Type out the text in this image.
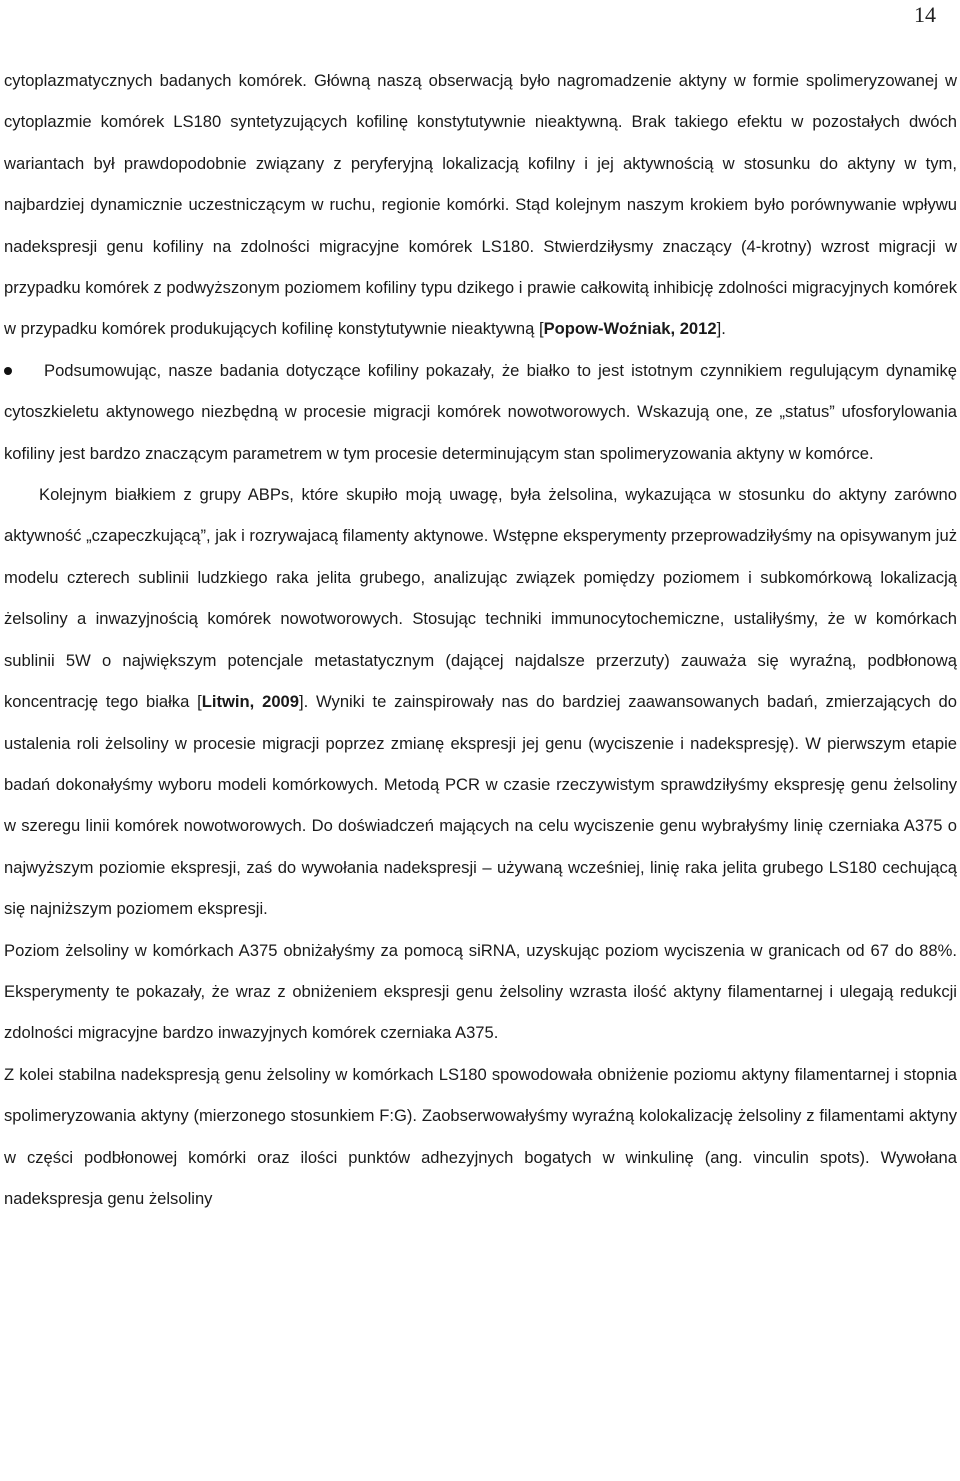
14

cytoplazmatycznych badanych komórek. Główną naszą obserwacją było nagromadzenie aktyny w formie spolimeryzowanej w cytoplazmie komórek LS180 syntetyzujących kofilinę konstytutywnie nieaktywną. Brak takiego efektu w pozostałych dwóch wariantach był prawdopodobnie związany z peryferyjną lokalizacją kofilny i jej aktywnością w stosunku do aktyny w tym, najbardziej dynamicznie uczestniczącym w ruchu, regionie komórki. Stąd kolejnym naszym krokiem było porównywanie wpływu nadekspresji genu kofiliny na zdolności migracyjne komórek LS180. Stwierdziłysmy znaczący (4-krotny) wzrost migracji w przypadku komórek z podwyższonym poziomem kofiliny typu dzikego i prawie całkowitą inhibicję zdolności migracyjnych komórek w przypadku komórek produkujących kofilinę konstytutywnie nieaktywną [Popow-Woźniak, 2012].

Podsumowując, nasze badania dotyczące kofiliny pokazały, że białko to jest istotnym czynnikiem regulującym dynamikę cytoszkieletu aktynowego niezbędną w procesie migracji komórek nowotworowych. Wskazują one, ze „status” ufosforylowania kofiliny jest bardzo znaczącym parametrem w tym procesie determinującym stan spolimeryzowania aktyny w komórce.

Kolejnym białkiem z grupy ABPs, które skupiło moją uwagę, była żelsolina, wykazująca w stosunku do aktyny zarówno aktywność „czapeczkującą”, jak i rozrywajacą filamenty aktynowe. Wstępne eksperymenty przeprowadziłyśmy na opisywanym już modelu czterech sublinii ludzkiego raka jelita grubego, analizując związek pomiędzy poziomem i subkomórkową lokalizacją żelsoliny a inwazyjnością komórek nowotworowych. Stosując techniki immunocytochemiczne, ustaliłyśmy, że w komórkach sublinii 5W o największym potencjale metastatycznym (dającej najdalsze przerzuty) zauważa się wyraźną, podbłonową koncentrację tego białka [Litwin, 2009]. Wyniki te zainspirowały nas do bardziej zaawansowanych badań, zmierzających do ustalenia roli żelsoliny w procesie migracji poprzez zmianę ekspresji jej genu (wyciszenie i nadekspresję). W pierwszym etapie badań dokonałyśmy wyboru modeli komórkowych. Metodą PCR w czasie rzeczywistym sprawdziłyśmy ekspresję genu żelsoliny w szeregu linii komórek nowotworowych. Do doświadczeń mających na celu wyciszenie genu wybrałyśmy linię czerniaka A375 o najwyższym poziomie ekspresji, zaś do wywołania nadekspresji – używaną wcześniej, linię raka jelita grubego LS180 cechującą się najniższym poziomem ekspresji.

Poziom żelsoliny w komórkach A375 obniżałyśmy za pomocą siRNA, uzyskując poziom wyciszenia w granicach od 67 do 88%. Eksperymenty te pokazały, że wraz z obniżeniem ekspresji genu żelsoliny wzrasta ilość aktyny filamentarnej i ulegają redukcji zdolności migracyjne bardzo inwazyjnych komórek czerniaka A375.

Z kolei stabilna nadekspresją genu żelsoliny w komórkach LS180 spowodowała obniżenie poziomu aktyny filamentarnej i stopnia spolimeryzowania aktyny (mierzonego stosunkiem F:G). Zaobserwowałyśmy wyraźną kolokalizację żelsoliny z filamentami aktyny w części podbłonowej komórki oraz ilości punktów adhezyjnych bogatych w winkulinę (ang. vinculin spots). Wywołana nadekspresja genu żelsoliny
